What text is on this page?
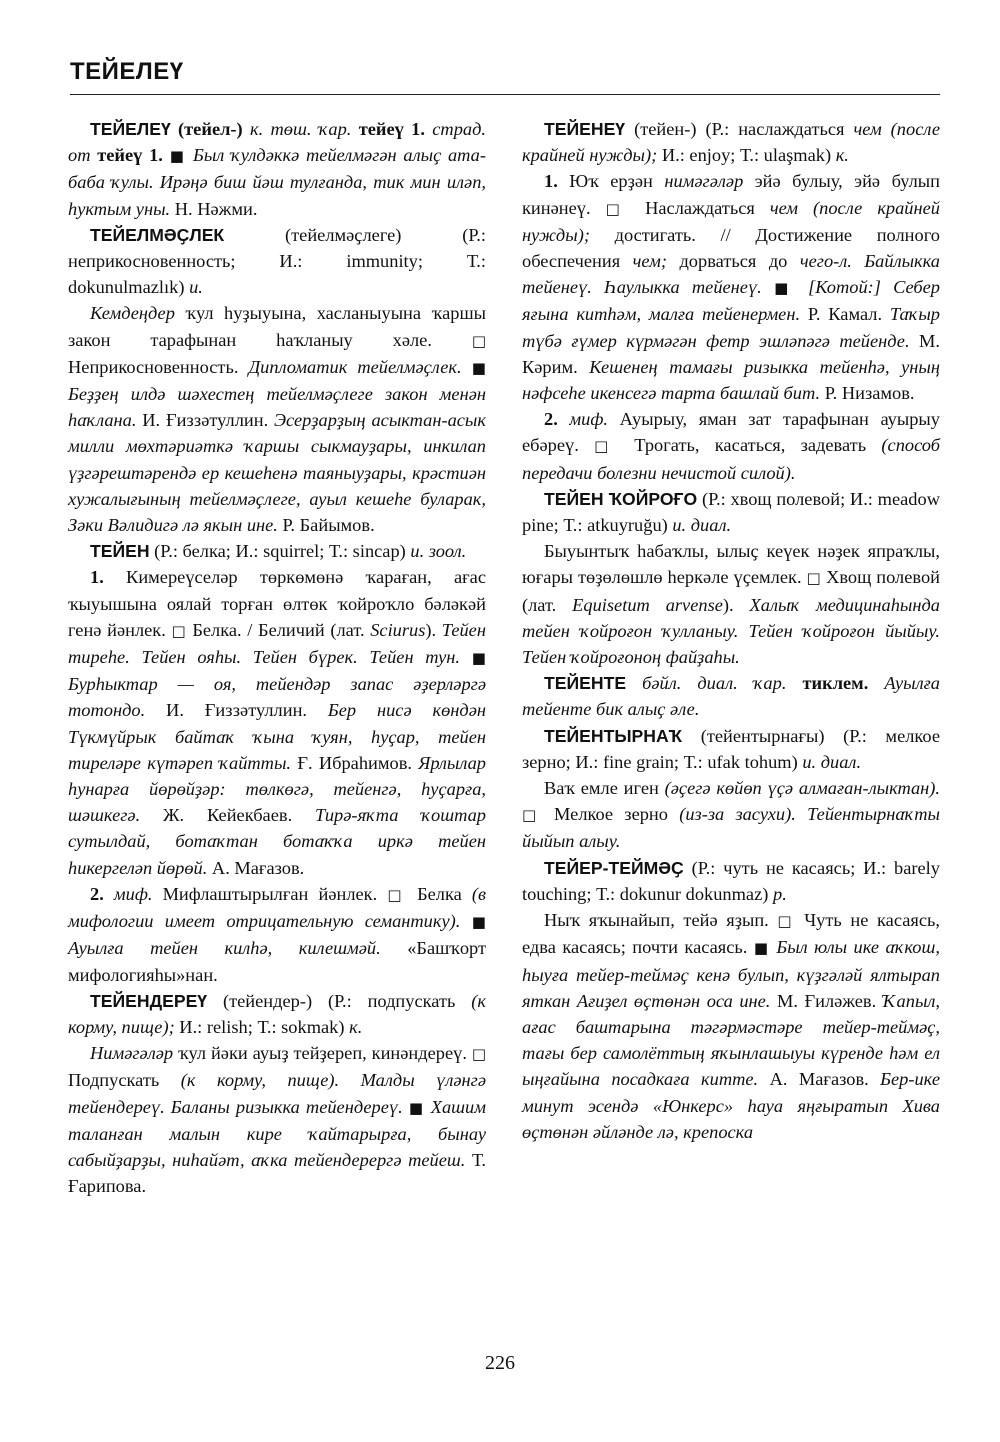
ТЕЙЕЛЕҮ

ТЕЙЕЛЕҮ (тейел-) к. төш. ҡар. тейеү 1. страд. от тейеү 1. ■ Был ҡулдәккә тейелмәгән алыҫ ата-баба ҡулы. Ирәңә биш йәш тулғанда, тик мин иләп, һуктым уны. Н. Нәжми.

ТЕЙЕЛМӘҪЛЕК (тейелмәҫлеге) (Р.: неприкосновенность; И.: immunity; Т.: dokunulmazlık) и.

Кемдеңдер ҡул һуҙыуына, хасланыуына ҡаршы закон тарафынан һаҡланыу хәле. □ Неприкосновенность. Дипломатик тейелмәҫлек. ■ Беҙҙең илдә шәхестең тейелмәҫлеге закон менән һаҡлана. И. Ғиззәтуллин. Эсерҙарҙың асыктан-асык милли мөхтәриәткә ҡаршы сыкмауҙары, инкилап үҙгәрештәрендә ер кешеһенә таяныуҙары, крәстиән хужалығының тейелмәҫлеге, ауыл кешеһе буларак, Зәки Вәлидигә лә якын ине. Р. Байымов.

ТЕЙЕН (Р.: белка; И.: squirrel; Т.: sincap) и. зоол.

1. Кимереүселәр төркөмөнә ҡараған, ағас ҡыуышына оялай торған өлтөк ҡойроҡло бәләкәй генә йәнлек. □ Белка. / Беличий (лат. Sciurus). Тейен тиреһе. Тейен ояһы. Тейен бүрек. Тейен тун. ■ Бурһыктар — оя, тейендәр запас әҙерләргә тотондо. И. Ғиззәтуллин. Бер нисә көндән Түкмүйрык байтаҡ ҡына ҡуян, һуҫар, тейен тиреләре күтәреп ҡайтты. Ғ. Ибраһимов. Ярлылар һунарға йөрөйҙәр: төлкөгә, тейенгә, һуҫарға, шәшкегә. Ж. Кейекбаев. Тирә-яҡта ҡоштар сутылдай, ботаҡтан ботаҡҡа иркә тейен һикергеләп йөрөй. А. Мағазов.

2. миф. Мифлаштырылған йәнлек. □ Белка (в мифологии имеет отрицательную семантику). ■ Ауылға тейен килһә, килешмәй. «Башҡорт мифологияһы»нан.

ТЕЙЕНДЕРЕҮ (тейендер-) (Р.: подпускать (к корму, пище); И.: relish; Т.: sokmak) к.

Нимәгәләр ҡул йәки ауыҙ тейҙереп, кинәндереү. □ Подпускать (к корму, пище). Малды үләнгә тейендереү. Баланы ризыкка тейендереү. ■ Хашим таланған малын кире ҡайтарырға, бынау сабыйҙарҙы, ниһайәт, аҡка тейендерергә тейеш. Т. Ғарипова.

ТЕЙЕНЕҮ (тейен-) (Р.: наслаждаться чем (после крайней нужды); И.: enjoy; Т.: ulaşmak) к.

1. Юҡ ерҙән нимәгәләр эйә булыу, эйә булып кинәнеү. □ Наслаждаться чем (после крайней нужды); достигать. // Достижение полного обеспечения чем; дорваться до чего-л. Байлыкка тейенеү. Һаулыкка тейенеү. ■ [Котой:] Себер яғына китһәм, малға тейенермен. Р. Камал. Таҡыр түбә ғүмер күрмәгән фетр эшләпәгә тейенде. М. Кәрим. Кешенең тамағы ризыкка тейенһә, уның нәфсеһе икенсегә тарта башлай бит. Р. Низамов.

2. миф. Ауырыу, яман зат тарафынан ауырыу ебәреү. □ Трогать, касаться, задевать (способ передачи болезни нечистой силой).

ТЕЙЕН ҠОЙРОҒО (Р.: хвощ полевой; И.: meadow pine; Т.: atkuyruğu) и. диал.

Быуынтыҡ һабаҡлы, ылыҫ кеүек нәҙек япраҡлы, юғары төҙөлөшлө һеркәле үҫемлек. □ Хвощ полевой (лат. Equisetum arvense). Халыҡ медицинаһында тейен ҡойроғон ҡулланыу. Тейен ҡойроғон йыйыу. Тейен ҡойроғоноң файҙаһы.

ТЕЙЕНТЕ бәйл. диал. ҡар. тиклем. Ауылға тейенте бик алыҫ әле.

ТЕЙЕНТЫРНАҠ (тейентырнағы) (Р.: мелкое зерно; И.: fine grain; Т.: ufak tohum) и. диал.

Ваҡ емле иген (әҫегә көйөп үҫә алмаған-лыктан). □ Мелкое зерно (из-за засухи). Тейентырнаҡты йыйып алыу.

ТЕЙЕР-ТЕЙМӘҪ (Р.: чуть не касаясь; И.: barely touching; Т.: dokunur dokunmaz) р.

Ныҡ яҡынайып, тейә яҙып. □ Чуть не касаясь, едва касаясь; почти касаясь. ■ Был юлы ике аҡкош, һыуға тейер-теймәҫ кенә булып, күҙгәләй ялтырап яткан Ағиҙел өҫтөнән оса ине. М. Ғиләжев. Ҡапыл, ағас баштарына тәгәрмәстәре тейер-теймәҫ, тағы бер самолёттың яҡынлашыуы күренде һәм ел ыңғайына посадкаға китте. А. Мағазов. Бер-ике минут эсендә «Юнкерс» һауа яңғыратып Хива өҫтөнән әйләнде лә, крепоска

226
